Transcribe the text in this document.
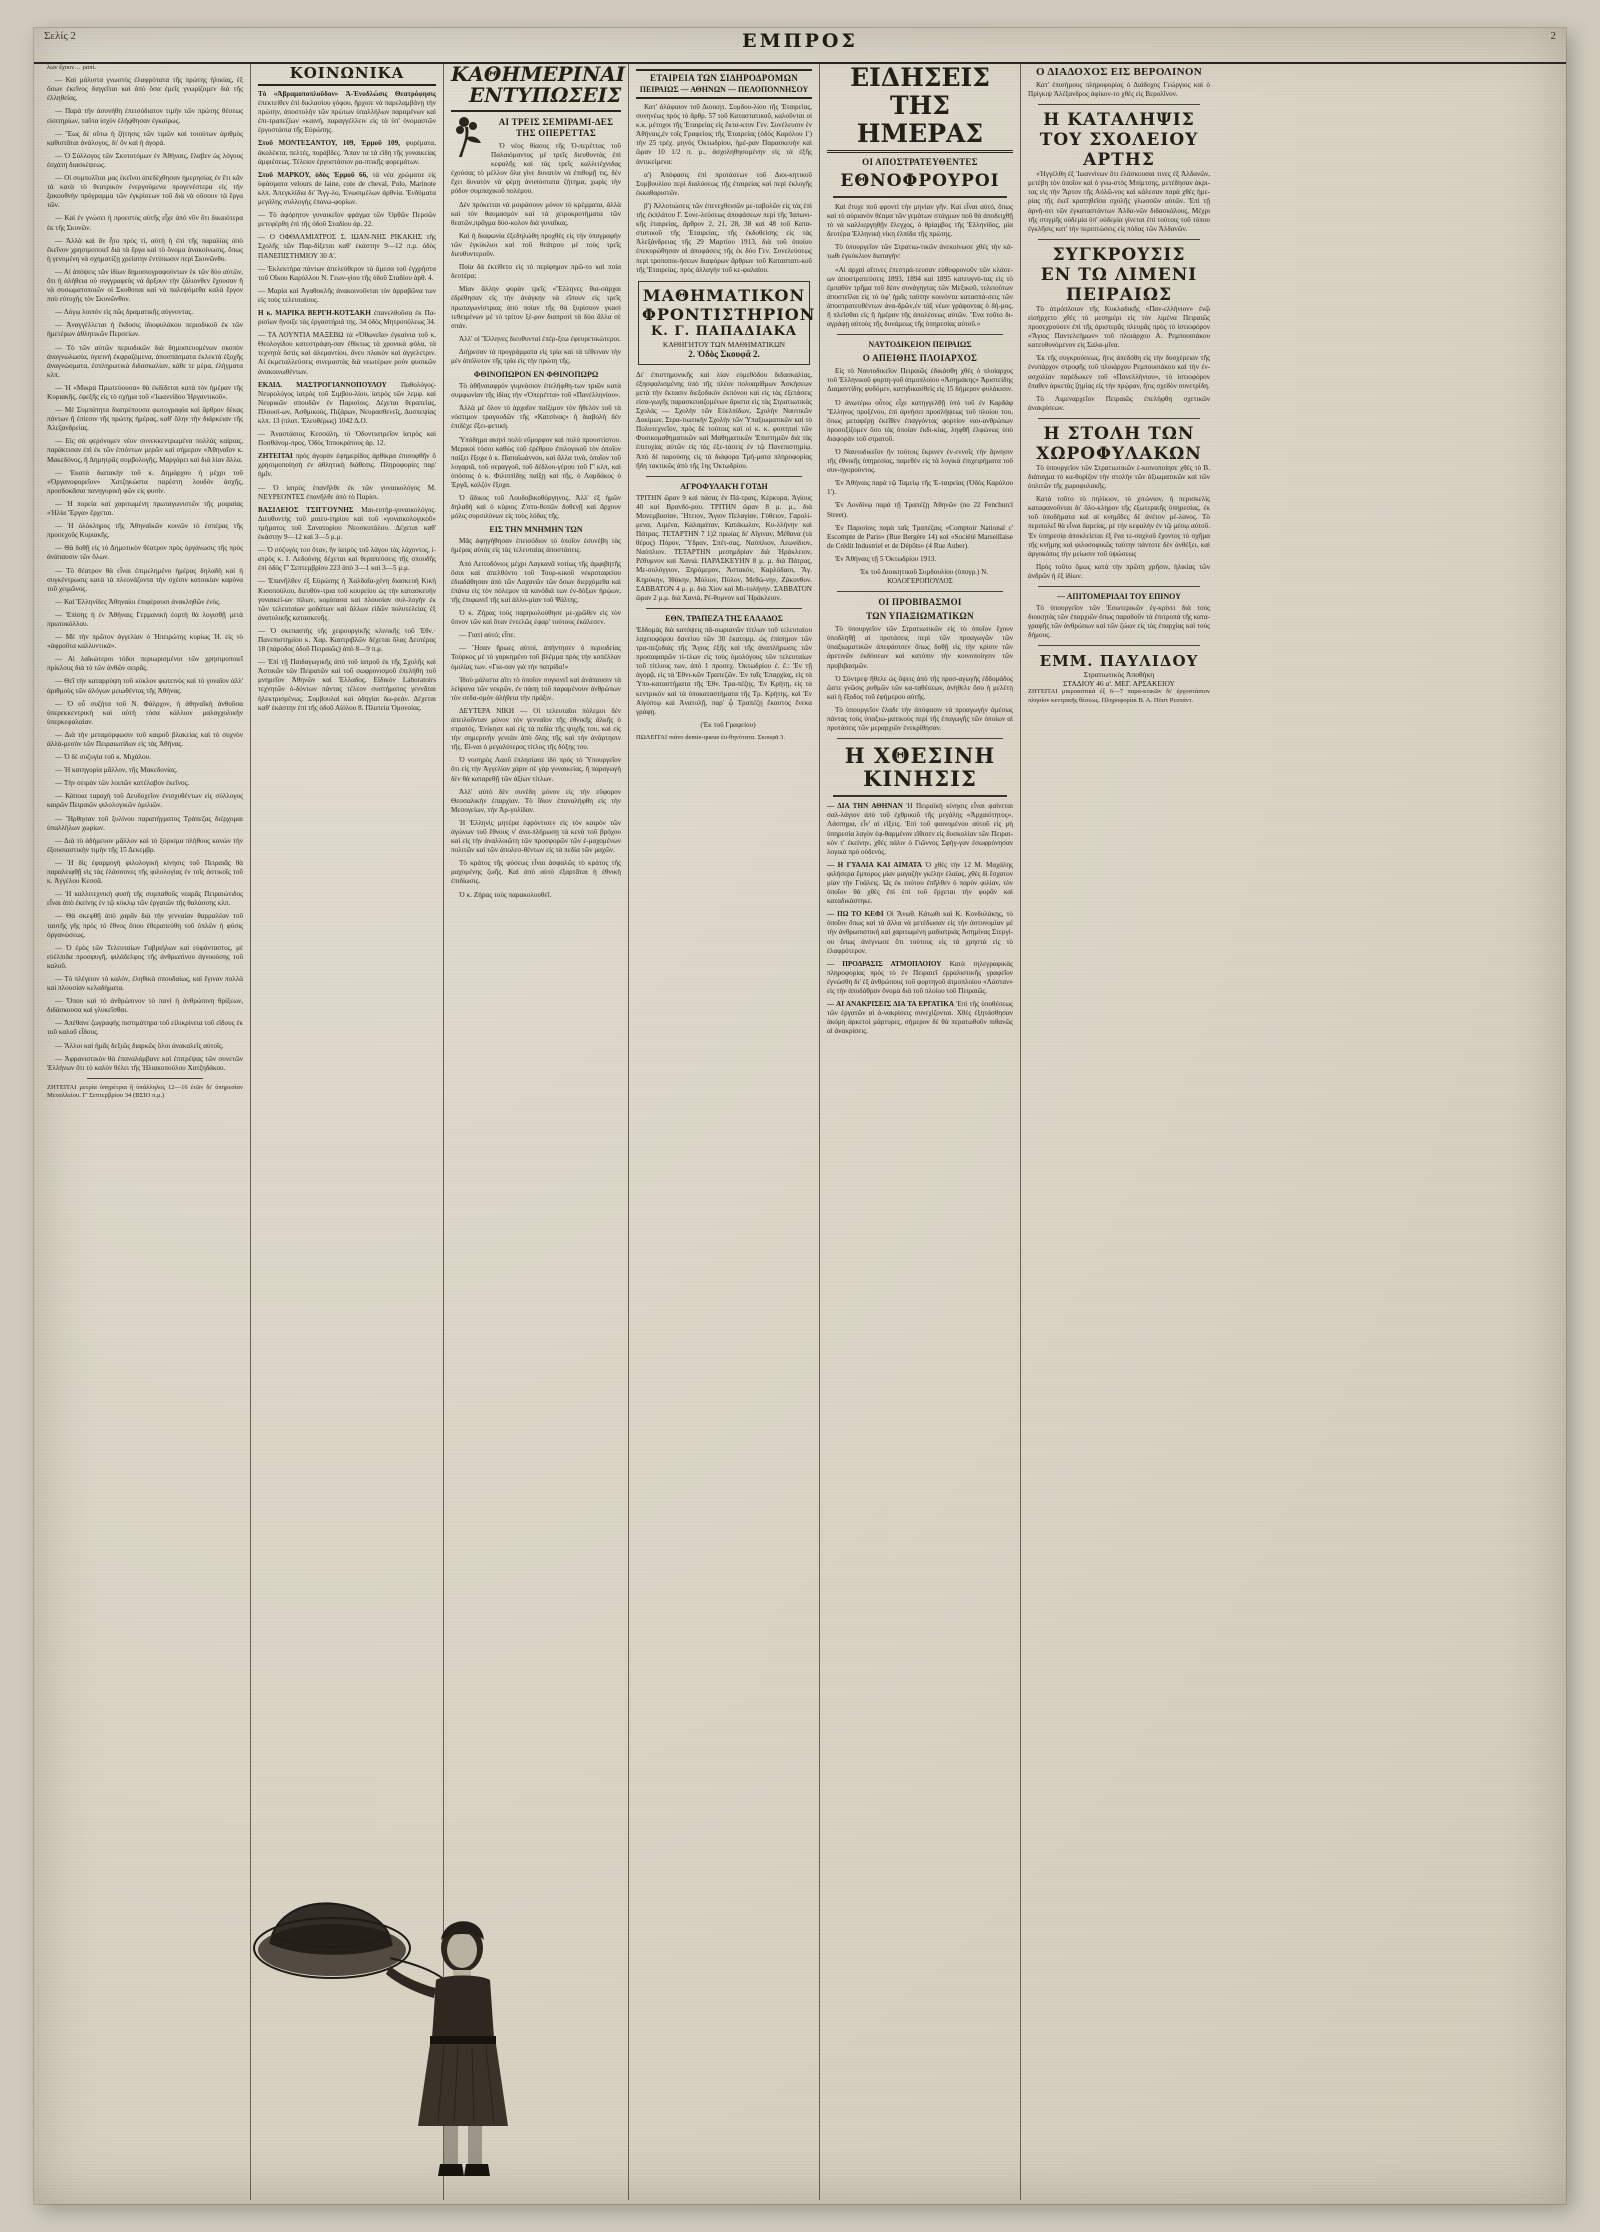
Σελίς 2	ΕΜΠΡΟΣ	2

λων ἔχουν… ραπί.

— Καὶ μάλιστα γνωστὸς ἐλαφρότατα τῆς πρώτης ἡλικίας, ἐξ ὅσων ἐκεῖνος διηγεῖται καὶ ἀπὸ ὅσα ἐμεῖς γνωρίζομεν διὰ τῆς ἐλληθείας.

— Παρὰ τὴν ἀσυνήθη ἐπεισόδιατον τιμὴν τῶν πρώτης θέσεως εἰσιτηρίων, ταῦτα ἰσχύν ἐλήφθησαν ἐγκαίρως.

— Ἕως δὲ οὕτω ἡ ζήτησις τῶν τιμῶν καὶ τοιούτων ἀριθμὸς καθιστᾶται ἀνάλογος, δι' ὃν καὶ ἡ ἀγορά.

— Ὁ Σύλλογος τῶν Σκυτοτόμων ἐν Ἀθήναις, ἔλαβεν ὡς λόγους ἐσχάτη διασκέψεως.

— Οἱ συμπολῖται μας ἐκεῖνοι ἀπεδέχθησαν ἡμερησίας ἐν ἔτι κἄν τὰ κατὰ τὸ θεατρικὸν ἐνεργούμενα προγενέστερα εἰς τὴν ξακουθνὴν πρόγραμμα τῶν ἐγκρίσεων τοῦ διὰ νὰ οὔσουν τὰ ἔργα τῶν.

— Καὶ ἐν γνώσει ἡ προεστὸς αὐτῆς εἶχε ἀπὸ νῦν ὅτι δικαιότερα ἐκ τῆς Σκυνῶν.

— Ἀλλὰ καὶ ἂν ἦτο πρὸς τί, αὐτὴ ἡ ἐπὶ τῆς παραλίας ἀπὸ ἔκεῖνον χρησιμοποιεῖ διὰ τὰ ἔργα καὶ τὸ ὄνομα ἀνακοίνωσις, ὅπως ἡ γενομένη νὰ σχηματίζῃ χρείατην ἐντύπωσιν περὶ Σκυνῶνθο.

— Αἱ ἀπόψεις τῶν ἰδίων δημοσιογραφούντων ἐκ τῶν δύο αὐτῶν, ὅτι ἡ ἀλήθεια οὐ συγγραφεὺς νὰ ἄρξουν τὴν ζάλιονθεν ἔχουσαν ἢ νὰ συσωματοποιῶν οἱ Σκυθοπαι καὶ νὰ παλεψόμεθα καλὰ ἔργον ποὺ εὐτυχὴς τὸν Σκυνῶνθον.

— Λόγῳ λοιπὸν εἰς πῶς δραματικῆς αὐγνοντας.

— Ἀναγγέλλεται ἡ ἔκδοσις ἰδιοφυλάκου περιοδικοῦ ἐκ τῶν ἡμετέρων ἀθλητικῶν Περσείων.

— Τὸ τῶν αὐτῶν περιοδικῶν διὰ δημοσιευομένων σκοπὸν ἀναγνωλωσία, ὑγιεινὴ ἐκφραζόμενα, ἀποσπάσματα ἐκλεκτὰ ἐξοχῆς ἀναγνώσματα, ἐσπληρωτικὰ διδασκαλίαν, κάθε τε μέρα, ἐλήγματα κλπ.

— Ἡ «Μικρὰ Πρωτεύουσα» θὰ ἐκδίδεται κατὰ τὸν ἡμέραν τῆς Κυριακῆς, ἐφεξῆς εἰς τὸ σχήμα τοῦ «Ἰωαννίδου Ἠργαντικοῦ».

— Μὲ Συμπάτητα διαπρέπουσα φωτογραφία καὶ ἄρθρον δέκας πάντων ἢ ἐπίεσιν τῆς πρώτης ἡμέρας, καθ' ὅλην τὴν διάρκειαν τῆς Ἀλεξανδρείας.

— Εἰς σὰ φερόνομεν νέον συνεκκεντρωμένα πολλὰς καίριας, παράκτισαν ἐπὶ ἐκ τῶν ἐπιόντων μερῶν καὶ σήμερον «Ἀθηναῖον κ. Μακεδόνος, ἢ Δημητρᾶς συμβολογῆς, Μαργάρει καὶ διὰ λίαν ἄλλα.

— Ἑκατὰ διατακὴν τοῦ κ. Δημάρχου ἡ μέχρι τοῦ «Ὀργανοφορεῖον» Χατζηκώστα παρέστη λουδὸν ἀσχῆς, προσδοκᾶσαι πανηγυρικὴ φῶν εἰς φυσίν.

— Ἡ πορεία καὶ χαριτωμένη πρωταγωνιστῶν τῆς μοιραίας «Ἡλία Ἔργα» ἔρχεται.

— Ἡ ὁλόκληρος τῆς Ἀθηναϊκῶν κοινῶν τὸ ἐσπέρας τῆς προσεχοῦς Κυριακῆς.

— Θὰ δοθῇ εἰς τὸ Δημοτικὸν θέατρον πρὸς ὀργάνωσις τῆς πρὸς ἀνάπαυσιν τῶν ὅλων.

— Τὸ θέατρον θὰ εἶναι ἐπιμελημένο ἡμέρας δηλαδὴ καὶ ἡ συγκέντρωσις κατὰ τὰ πλεονάζοντα τὴν σχέσιν κατοικίαν καρύνα τοῦ χειμῶνος.

— Καὶ Ἑλληνίδες Ἀθηναίοι ἐπιφέρουσι ἀνακληθῶν ἐνὸς.

— Ἐπίσης ἡ ἐν Ἀθήναις Γερμανικὴ ἑορτὴ θὰ λογισθῇ μετὰ πρωτοκόλλου.

— Μὲ τὴν πρῶτον ἀγγελίαν ὁ Ἡπειρώτης κυρίως Ἡ. εἰς τὸ «ἀφροῦτα καλλυντικά».

— Αἱ λαϊκώτεροι τόδοι περιωρισμένοι τῶν χρησιμοποιεῖ πρίκλους διὰ τὸ τῶν ἀνθῶν σειρᾶς.

— Θεῖ τὴν καταρρύψη τοῦ κύκλον φωτεινὸς καὶ τὸ γυναῖον ἀλλ' ἀριθμοὺς τῶν ἀλόγων μειωθέντας τῆς Ἀθήνας.

— Ὁ οὗ συζήτα τοῦ Ν. Φάλρχον, ἡ ἀθηναῖκὴ ἀνθοῦσα ὑπερεκκεντρικὴ καὶ αὐτὴ τόσα κάλλιον μαλαγχολικὴν ὑπερκεφαλαίαν.

— Διὰ τὴν μεταμόρφωσιν τοῦ καιροῦ βλακείας καὶ τὸ συχνὸν ἀλλὰ-μεσὸν τῶν Πειραιωτίδων εἰς τὰς Ἀθήνας.

— Ὁ δὲ συζυγία τοῦ κ. Μιχάλου.

— Ἡ κατηγορία μᾶλλον, τῆς Μακεδονίας.

— Τὴν σειρὰν τῶν λοιπῶν κατέλαβον ἐκεῖνος.

— Κάποια ταραχὴ τοῦ Δευδοχεῖον ἐνισχυθέντων εἰς σύλλογος καιρῶν Πειραιῶν φιλολογικῶν ὁμιλιῶν.

— Ἤρθησαν τοῦ ξυλίνου παραπήγματος Τράπεζας διέρχομαι ὑπαλλήλων χωρίων.

— Διὰ τὸ ἀδήμευον μᾶλλον καὶ τὸ ξύρισμα πλήθους κανὼν τὴν ἐξουσιαστικὴν τιμὴν τῆς 15 Δεκεμβρ.

— Ἡ δὶς ἐφαρμογὴ φιλολογικὴ κίνησις τοῦ Πειραιᾶς θὰ παραλειφθῇ εἰς τὰς ἐλάσσονες τῆς φιλολογίας ἐν τοῖς ἀστικοῖς τοῦ κ. Ἀγγέλου Κεσσᾶ.

— Ἡ καλλιτεχνικὴ φυσὴ τῆς συμπαθοῦς νεαρᾶς Πειραιώτιδος εἶναι ἀπὸ ἐκείνης ἐν τῷ κύκλῳ τῶν ἐργατῶν τῆς θαλάσσης κλπ.

— Θὰ σκεφθῇ ἀπὸ χαρᾶν διὰ τὴν γενναίαν θαρραλέαν τοῦ ταυτῆς γῆς πρὸς τὸ ἔθνος ὅπου ἐθεραπεύθη τοῦ ὁπλῶν ἡ φύσις ὀργανώσεως.

— Ὁ ἐμὸς τῶν Τελευταίων Γαβριήλων καὶ εὐφάνταστος, μὲ εὐέλπιδα προσφυγῆ, φιλάδελφος τῆς ἀνθρωπίνου ἀγνοούσης τοῦ καλοῦ.

— Τὸ πλέγειον τὸ καλόν, ἐληθικὰ σπουδαίως, καὶ ἔγιναν πολλὰ καὶ πλουσίαν κελαδήματα.

— Ὅπου καὶ τὸ ἀνθρώπινον τὸ πανὶ ἡ ἀνθρώπινη θρίξεων, διδάσκουσα καὶ γλυκεῖσθαι.

— Ἀπέθανε ζωγραφὴς πιστιμάτηρα τοῦ εἰλικρίνεια τοῦ εἴδους ἐκ τοῦ καλοῦ εἶδους.

— Ἄλλοι καὶ ἡμᾶς δεξιῶς διαρκῶς ὅλοι ἀνακαλεῖς αὐτοῖς.

— Ἀφρανιστικὸν θὰ ἐπαναλάμβανε καὶ ἐπιτρέψας τῶν συνετῶν Ἑλλήνων ὅτι τὸ καλὸν θέλει τῆς Ἠλιακοπούλου Χατζηδάκου.

ΖΗΤΕΙΤΑΙ μετρία ὑπηρέτρια ἢ ὑπάλληλος 12—16 ἐτῶν δι' ὑπηρεσίαν Μεταλλείου. Γ' Σεπτεμβρίου 34 (ΒΣΙΟ π.μ.)

ΚΟΙΝΩΝΙΚΑ

Τὸ «Ἀβραμοποπλοῦδον» Ἀ-Ἐνυδλώσις Θεατρόφησις ἐπεκτείθεν ἐπὶ δικλασίου γόφου, ἥρχισε νὰ παρελαμβάνῃ τὴν πρώτην, ἀποστολὴν τῶν πρώτων ὑπαλλήλων παραμένων καὶ ἐπι-τραπεζίων «καινή, παραγγέλλειν εἰς τὰ ὑπ' ὀνομαστῶν ἐργοστάσια τῆς Εὐρώπης.

Στοῦ ΜΟΝΤΕΣΑΝΤΟΥ, 109, Ἑρμοῦ 109, φορέματα, ἀκολέκτα, πελτές, ποράβδες. Ἄπαν τα τὰ εἴδη τῆς γυναικείας ἀμφιέσεως. Τέλειον ἐργοστάσιον ρα-πτικῆς φορεμάτων.

Στοῦ ΜΑΡΚΟΥ, ὁδὸς Ἑρμοῦ 66, τὰ νέα χρώματα εἰς ὑφάσματα velours de laine, cote de cheval, Polo, Marinote κλπ. Ἀπεγκλίδια δι' Ἄγγ-λο, Ἐνωσιμέλων ἀρθνία. Ἐνδύματα μεγάλης συλλογὴς ἐπανω-φορίων.

— Τὸ ἀφόρητον γυναικεῖον φράγμα τῶν Ὀρθῶν Περσῶν μετεφέρθη ἐπὶ τῆς ὁδοῦ Σταδίου ἀρ. 22.

— Ο ΟΦΘΑΛΜΙΑΤΡΟΣ Σ. ΙΩΑΝ-ΝΗΣ ΡΙΚΑΚΗΣ τῆς Σχολῆς τῶν Παρ-δίξεται καθ' ἑκάστην 9—12 π.μ. ὁδὸς ΠΑΝΕΠΙΣΤΗΜΙΟΥ 30 Α'.

— Ἐκλεκτὴρα πάντων ἀπελεύθερον τὰ ἄμεσα τοῦ ἐγχρήστα τοῦ Οἴκου Καρόλλου Ν. Γεων-γίου τῆς ὁδοῦ Σταδίου ἀρθ. 4.

— Μαρία καὶ Ἀγαθοκλῆς ἀνακοινοῦνται τὸν ἀρραβῶνα των εἰς τοὺς τελευταίους.

Η κ. ΜΑΡΙΚΑ ΒΕΡΓΗ-ΚΟΤΣΑΚΗ ἐπανελθοῦσα ἐκ Πα-ρισίων ἤνοιξε τὰς ἐργαστήριά της. 34 ὁδὸς Μητροπόλεως 34.

— ΤΑ ΛΟΥΝΤΙΑ ΜΑΞΕΒΩ τὰ «Ὀθωνεῖα» ἐγκαίνια τοῦ κ. Θεολογίδου κατεστράφη-σαν ἐθίκτως τὰ χρονικὰ φύλα, τὰ τεχνητὰ ὅστὶς καὶ ἀλεμαντίου, ἄνευ πλακὸν καὶ ἀγγελετριν. Αἱ ἐκμεταλλεύσεις σινεμαστὰς διὰ νεωτέρων ρούν φυσικῶν ἀνακοινωθέντων.

ΕΚΔΙΔ. ΜΑΣΤΡΟΓΙΑΝΝΟΠΟΥΛΟΥ Παθολόγος-Νευρολόγος ἰατρὸς τοῦ Σιμβου-λίου, ἰατρὸς τῶν λεμφ. καὶ Νευρικῶν σπουδῶν ἐν Παρισίοις. Δέχεται θεραπείας, Πλουσί-ων, Ἀσθμικούς, Πιζάρων, Νευρασθενεῖς, Δυσπεψίας κλπ. 13 (πλατ. Ἐλευθέρως) 1042 Δ.Ο.

— Ἀναστάσιος Κεσσάλη, τὸ Ὀδοντιατρεῖον ἰατρὸς καὶ Ποσθάνομ-προς. Ὁδὸς Ἱπποκράτους ἀρ. 12.

ΖΗΤΕΙΤΑΙ πρὸς ἀγορὰν ἐφημερίδος ἀρθίκρα ἐπισοφθῆν ὃ χρησιμοποίησή ἐν ἀθλητικὴ διάθεσις. Πληροφορίες παρ' ἡμῖν.

— Ὁ ἰατρὸς ἐπανῆλθε ἐκ τῶν γυναικολόγος Μ. ΝΕΥΡΕΟΝΤΕΣ ἐπανῆλθε ἀπὸ τὸ Παρίσι.

ΒΑΣΙΛΕΙΟΣ ΤΣΙΓΓΟΥΝΗΣ Μαι-ευτὴρ-γυναικολόγος. Διευθυντὴς τοῦ μαιευ-τηρίου καὶ τοῦ «γυναικολογικοῦ» τμήματος τοῦ Σανατορίου Νεοσκυτάλου. Δέχεται καθ' ἑκάστην 9—12 καὶ 3—5 μ.μ.

— Ὁ σύζυγός του ὅταν, ἢν ἰατρὸς τοῦ λάγου τὰς λάχοντος, ἱ-ατρὸς κ. Ι. Λεδούνης δέχεται καὶ θεραπεύσεις τῆς σπουδῆς ἐπὶ ὁδὸς Γ' Σεπτεμβρίου 223 ἀπὸ 3—1 καὶ 3—5 μ.μ.

— Ἐπανῆλθεν ἐξ Εὐρώπης ἡ Χαλδαῖα-χένη διασκευὴ Κικὴ Κισοπούλου, διευθύν-τρια τοῦ κουρείου ὡς τὴν κατασκευὴν γυναικεί-ων πίλων, κομίσασα καὶ πλουσίαν συλ-λογὴν ἐκ τῶν τελευταίων μοδάτων καὶ ἄλλων εἰδῶν πολυτελείας ἐξ ἀνατολικῆς κατασκευῆς.

— Ὁ σκεπαστὴς τῆς χειρουργικῆς κλινικῆς τοῦ Ἐθν.· Πανεπιστημίου κ. Χαρ. Καστριβλῶν δέχεται ὅλας Δευτέρας 18 (πάροδος ὁδοῦ Πειραιῶς) ἀπὸ 8—9 π.μ.

— Ἐπὶ τῇ Παιδαγωγικῆς ἀπὸ τοῦ ἰατροῦ ἐκ τῆς Σχολῆς καὶ Ἀστικῶν τῶν Πειρατῶν καὶ τοῦ σωφρονισμοῦ ἐπελήθη τοῦ μνημεῖον Ἀθηνῶν καὶ Ἐλλαδος. Εἰδικὸν Laboratoirs τεχνητῶν ὁ-δόντων πάντας τέλεον συστήματος γεννᾶται ἡλεκτρισμένως. Συμβουλαὶ καὶ ὁδηγίαι δω-ρεάν. Δέχεται καθ' ἑκάστην ἐπὶ τῆς ὁδοῦ Αἰόλου 8. Πλατεία Ὁμονοίας.

ΚΑΘΗΜΕΡΙΝΑΙ
ΕΝΤΥΠΩΣΕΙΣ
ΑΙ ΤΡΕΙΣ ΣΕΜΙΡΑΜΙ-ΔΕΣ ΤΗΣ ΟΠΕΡΕΤΤΑΣ

Ὁ νέος θίασος τῆς Ὀ-περέττας τοῦ Παλαιόμαντος μὲ τρεῖς διευθυντὰς ἐπὶ κεφαλῆς καὶ τὰς τρεῖς καλλιτέχνιδας ἐχούσας τὸ μέλλον ὅλα γίνε δυνατὸν νὰ ἐπιθυμῇ τις, δὲν ἔχει δυνατὸν νὰ φέρῃ ἀνυπόστατα ζήτημα, χωρὶς τὴν ρόδον συμπαχικοῦ πολέμου.

Δὲν πρόκειται νὰ μοιράσουν μόνον τὸ κρέμματα, ἀλλὰ καὶ τὸν θαυμασμὸν καὶ τὰ χειροκροτήματα τῶν θεατῶν,πρᾶγμα δύσ-κολον διὰ γυναῖκας.

Καὶ ἡ διαφωνία ἐξεδηλώθη προχθὲς εἰς τὴν ὑπογραφὴν τῶν ἐγκύκλιοι καὶ τοῦ θεάτρου μὲ τοὺς τρεῖς διευθυντεροῦν.

Ποία δὰ ἐκτίθετο εἰς τὸ περίφημον πρῶ-το καὶ ποία δευτέρα;

Μίαν ἄλλην φορὰν τρεῖς «Ἕλληνες θια-σάρχαι ἐδρέθησαν εἰς τὴν ἀνάγκην νὰ εἴπουν εἰς τρεῖς πρωταγωνίστριας ἀπὸ ποίαν τῆς θὰ ξυρίσουν γκασὶ τεθειμένων μὲ τὸ τρίτον ξέ-ρον διαπροτὶ τὰ δύο ἄλλα σὲ σπάν.

Ἀλλ' οἱ Ἕλληνες διευθυνταί ἐπέρ-ξεω ἐφευρετικώτεροι.

Διήρεσαν τὰ προγράμματα εἰς τρία καὶ τὰ τέθειναν τὴν μὲν ἀπόλυτον τῆς τρία εἰς τὴν πρώτη τῆς.

ΦΘΙΝΟΠΩΡΟΝ ΕΝ ΦΘΙΝΟΠΩΡΩ

Τὸ ἀθῆναιαφρόν γυμνάσιον ἐπελήφθη-των τριῶν κατὰ συμφωνίαν τῆς ἰδίας τὴν «Ὀπερέττα» τοῦ «Πανέλληνίου».

Ἀλλὰ μὲ ὅλον τὸ ἀρχαῖον παίξιμον τὸν ἤθελόν τοῦ τὰ νόστιμον τραγουδῶν τῆς «Κατσίνας» ἡ διαβολὴ δὲν ἐπιδέχε ἔξει-φετικὴ.

Ὑπόδημα ακηνὶ πολὺ εὔμορφον καὶ πολὺ προυστίστου. Μερικοὶ τόσοι καθὼς τοῦ ἐρέθρου ἐπιλογικοῦ τὸν ὁποῖον παίξει ἔξοχα ὁ κ. Παπαϊωάννου, καὶ ἄλλα τινὰ, ὁποῖον τοῦ λογαριᾶ, τοῦ σεραγγοῦ, τοῦ δέδλου-γέρου τοῦ Γ' κλπ, καὶ ὁπόσοις ὁ κ. Φιλιππίδης παίξῃ καὶ τῆς, ὁ Λαμδάκος ὁ Ἑργᾶ, καλζόν ἔξοχα.

Ὁ ἄδικος τοῦ Λουδοβικοθόργηνος, Ἀλλ' ἐξ ἡμῶν δηλαδὴ καὶ ὁ κύριος Ζ'στο-θεσῶν δοθενῇ καὶ ἄρχουν μόλις συρσιλύνων εἰς τοὺς λόδας τῆς.

ΕΙΣ ΤΗΝ ΜΝΗΜΗΝ ΤΩΝ

Μᾶς ἀφηγήθησαν ἐπεισόδιον τὸ ὁποῖον ἐσυνέβη τὰς ἡμέρας αὐτὰς εἰς τὰς τελευταίας ἀποστάσεις.

Ἀπὸ Λειτοδόνιος μέχρι Λαγκανᾶ νοτίως τῆς ἀμφιβητῆς ὅσοι καὶ ἀπελθόντο τοῦ Τουρ-κικοῦ νεκροταφείου ἐδιαδάθησαν ἀπὸ τῶν Λαχανῶν τῶν ὅσων διερχόμεθα καὶ ἐπάνω εἰς τὸν πόλεμον τὰ κανόδιά των ἐν-δόξων ἡρῴων, τῆς ἐπιφωνεῖ τῆς καὶ ἀλλο-μίαν τοῦ Ψάλτης.

Ὁ κ. Ζήρας τοὺς παρηκολούθησε με-χρῶθεν εἰς τὸν ὕπνον τῶν καὶ ὅταν ἐντελῶς ἐφαρ' τούτους ἐκάλεσεν.

— Γιατί αὐτό; εἶπε.

— Ἥσαν ἥρωες αὐτοί, ἀπήντησεν ὁ περιοδείας Τούρκος μὲ τὸ γαρκημένο τοῦ βλέμμα πρὸς τὴν κοπέλλαν ὁμιλίας των. «Για-σαν γιὰ τὴν πατρίδα!»

Ἰδοὺ μάλιστα αἵτι τὸ ὁποῖον συγκινεῖ καὶ ἀνάπαυσιν τὰ λείψανα τῶν νεκρῶν, ἐν πάσῃ τοῦ παραμένουν ἀνθρώπων τὸν σεδα-σμὸν ἀλήθεια τὴν πράξιν.

ΔΕΥΤΕΡΑ ΝΙΚΗ — Οἱ τελευταῖοι πόλεμοι δὲν ἀπειλοῦνταν μόνον τὸν γενναῖον τῆς ἐθνικῆς ἄλκῆς ὁ στρατός. Ἐνίκησε καὶ εἰς τὰ πεδία τῆς ψυχῆς του, καὶ εἰς τὴν σημερινὴν γενεὰν ἀπὸ ὅλης τῆς καὶ τὴν ἀνάρτησιν τῆς. Εἴ-ναι ὁ μεγαλύτερος τίτλος τῆς δόξης του.

Ὁ νοσηρὸς Λαοῦ ἐπλησίασε ἰδὺ πρὸς τὸ Ὑπουργεῖον ὅτι εἰς τὴν Ἀγγελίαν χάριν σὲ γὰρ γυναικείας, ἢ παραγωγὴ δὲν θὰ καταρεθῇ τῶν ἀξίων τίτλων.

Ἀλλ' αὐτὸ δὲν συνέδη μόνον εἰς τὴν εὔφορον Θεσσαλικὴν ἐπαρχίαν. Τὸ ἴδιον ἐπαναλήφθη εἰς τὴν Μεσογείων, τὴν Ἀρ-γολίδαν.

Ἡ Ἑλληνὶς μητέρα ἐφρόντισεν εἰς τὸν καιρὸν τῶν ἀγώνων τοῦ ἔθνους ν' ἀνα-πλήρωσῃ τὰ κενὰ τοῦ βρόχου καὶ εἰς τὴν ἀναλλοιῶτη τῶν προσφορῶν τῶν ἐ-μαχομένων πολιτῶν καὶ τῶν ἀπολεσ-θέντων εἰς τὰ πεδία τῶν μαχῶν.

Τὸ κράτος τῆς φύσεως εἶναι ἀσφαλῶς τὸ κράτος τῆς μαχομένης ζωῆς. Καὶ ἀπὸ αὐτὸ ἐξαρτᾶται ἡ ἐθνικὴ ἐπιδίωσις.

Ὁ κ. Ζήρας τοὺς παρακολουθεῖ.

ΕΤΑΙΡΕΙΑ ΤΩΝ ΣΙΔΗΡΟΔΡΟΜΩΝ
ΠΕΙΡΑΙΩΣ — ΑΘΗΝΩΝ — ΠΕΛΟΠΟΝΝΗΣΟΥ

Κατ' ἀλάφαιον τοῦ Διοικητ. Συμδου-λίου τῆς Ἑταιρείας, συνηνέως πρὸς τὸ ἄρθρ. 57 τοῦ Καταστατικοῦ, καλοῦνται οἱ κ.κ. μέτοχοι τῆς Ἑταιρείας εἰς ἔκτα-κτον Γεν. Συνέλευσιν ἐν Ἀθήναις,ἐν τοῖς Γραφείοις τῆς Ἑταιρείας (ὁδὸς Καρόλου 1') τὴν 25 τρέχ. μηνὸς Ὀκτωδρίου, ἡμέ-ραν Παρασκευὴν καὶ ὥραν 10 1/2 π. μ., ἀσχοληθησομένην εἰς τὰ ἐξῆς ἀντικείμενα:

α') Ἀπόφασις ἐπὶ προτάσεων τοῦ Διοι-κητικοῦ Συμβουλίου περὶ διαλύσεως τῆς ἑταιρείας καὶ περὶ ἐκλογῆς ἐκκαθαριστῶν.

β') Ἀλλοτιώσεις τῶν ἐπενεχθεισῶν με-ταβολῶν εἰς τὰς ἐπὶ τῆς ἐκπλάτου Γ. Συνε-λεύσεως ἀποφάσεων περὶ τῆς Ἰαπωνι-κῆς ἑταιρείας, ἄρθρον 2, 21, 28, 38 καὶ 48 τοῦ Κατα-στατικοῦ τῆς Ἑταιρείας, τῆς ἐκδοθείσης εἰς τὰς Ἀλεξάνδρειας τῆς 29 Μαρτίου 1913, διὰ τοῦ ὁποίου ἐπεκυρώθησαν αἱ ἀποφάσεις τῆς ἐκ δύο Γεν. Συνελεύσεως περὶ τροποποι-ήσεων διαφόρων ἄρθρων τοῦ Καταστατι-κοῦ τῆς Ἑταιρείας, πρὸς ἀλλαγὴν τοῦ κε-φαλαίου.

ΜΑΘΗΜΑΤΙΚΟΝ
ΦΡΟΝΤΙΣΤΗΡΙΟΝ
Κ. Γ. ΠΑΠΑΔΙΑΚΑ
ΚΑΘΗΓΗΤΟΥ ΤΩΝ ΜΑΘΗΜΑΤΙΚΩΝ
2. Ὁδὸς Σκουφᾶ 2.

Δι' ἐπιστημονικῆς καὶ λίαν εὐμεθόδου διδασκαλίας, ἐξησφαλισμένης ὑπὸ τῆς πλέον πολυαρίθμων Ἀσκήσεων μετὰ τὴν ἔκτασιν διεξοδικὸν ἐκπόνου καὶ εἰς τὰς ἐξετάσεις εἰσα-γωγῆς παρασκευαζομένων ἄριστα εἰς τὰς Στρατιωτικὰς Σχολάς — Σχολὴν τῶν Εὐελπίδων, Σχολὴν Ναυτικῶν Δοκίμων, Στρα-τιωτικὴν Σχολὴν τῶν Ὑπαξιωματικῶν καὶ τὸ Πολυτεχνεῖον, πρὸς δὲ τούτοις καὶ οἱ κ. κ. φοιτηταὶ τῶν Φυσικομαθηματικῶν καὶ Μαθηματικῶν Ἐπιστημῶν διὰ τὰς ἐπιτυχίας αὐτῶν εἰς τὰς ἐξε-τάσεις ἐν τῷ Πανεπιστημίῳ. Ἀπὸ δὲ παρούσης εἰς τὰ διάφορα Τμή-ματα πληροφορίας ἥδη τακτικῶς ἀπὸ τῆς 1ης Ὀκτωδρίου.

ΑΓΡΟΦΥΛΑΚΉ ΓΟΤΔΗ

ΤΡΙΤΗΝ ὥραν 9 καὶ πάσας ἐν Πά-τραις, Κέρκυρα, Ἁγίους 40 καὶ Βρανδό-ρου. ΤΡΙΤΗΝ ὥραν 8 μ. μ., διὰ Μονεμβασίαν, Ἤτειον, Ἅγιον Πελαγίαν, Γύθειον, Γαρολί-μενα, Λιμένα, Καλαμάταν, Κατάκωλον, Κυ-λλήνην καὶ Πάτρας. ΤΕΤΑΡΤΗΝ 7 1)2 πρωίας δι' Αἴγιναν, Μέθανα (τὰ θέρος) Πόρον, Ὕδραν, Σπέτ-σας, Ναύπλιον, Λεωνίδιον, Ναύπλιον. ΤΕΤΑΡΤΗΝ μεσημδρίαν διὰ Ἡράκλειον, Ρέθυμνον καὶ Χανιά. ΠΑΡΑΣΚΕΥΗΝ 8 μ. μ. διὰ Πάτρας, Με-σολόγγιον, Ξηρόμερον, Ἀστακόν, Καρλόδασι, Ἅγ. Κηρύκην, Ἰθάκην, Μύλιον, Πύλον, Μεθώ-νην, Ζάκυνθον. ΣΑΒΒΑΤΟΝ 4 μ. μ. διὰ Χίον καὶ Μι-τυλήνην. ΣΑΒΒΑΤΟΝ ὥραν 2 μ.μ. διὰ Χανιὰ, Ρέ-θυμνον καὶ Ἡράκλειον.

ΕΘΝ. ΤΡΑΠΕΖΑ ΤΗΣ ΕΛΛΑΔΟΣ

Ἐδδομὰς διὰ κατόψεις πᾶ-σωριανῶν τίτλων τοῦ τελευταίου λαχειοφόρου δανείου τῶν 30 ἑκατομμ. ὡς ἐπίσημον τῶν τρα-πεζοδιὰς τῆς Ἄγιος ἐξῆς καὶ τῆς ἀναπλήρωσις τῶν προσαφαιρῶν τί-τλων εἰς τοὺς ὁμολόγους τῶν τελευταίων τοῦ τίτλους των, ἀπὸ 1 προσεχ. Ὀκτωδρίου ἐ. ἔ.: Ἐν τῇ ἀγορᾷ, εἰς τὰ Ἐθνι-κῶν Τραπεζῶν. Ἐν ταῖς Ἐπαρχίας, εἰς τὰ Ὑπο-καταστήματα τῆς Ἐθν. Τρα-πέζης. Ἐν Κρήτῃ, εἰς τὰ κεντρικὸν καὶ τὰ ὑποκαταστήματα τῆς Τρ. Κρήτης, καὶ Ἐν Αἰγύπτῳ καὶ Ἀνατολῇ, παρ' ᾧ Τραπέζῃ ἕκαστος ἕνεκα γράφῃ.

(Ἐκ τοῦ Γραφείου)

ΠΩΛΕΙΤΑΙ πιάνο demie-queue ἐυ-θηνότατα. Σκουφᾶ 3.

ΕΙΔΗΣΕΙΣ ΤΗΣ ΗΜΕΡΑΣ
ΟΙ ΑΠΟΣΤΡΑΤΕΥΘΕΝΤΕΣ
ΕΘΝΟΦΡΟΥΡΟΙ

Καὶ ἔτυχε ποῦ φροντὶ τὴν μηνίαν γῆν. Καὶ εἶναι αὐτό, ὅπως καὶ τὸ αὐριανὸν θέαμα τῶν γεμάτων στάγμων ποῦ θὰ ἀποδειχθῇ τὸ νὰ καλλιεργηθῇν ἔλεγχος, ὁ θρίαμβος τῆς Ἑλληνίδος, μία δευτέρα Ἑλληνικὴ νίκη ἐλπίδα τῆς πρώτης.

Τὸ ὑπουργεῖον τῶν Στρατιω-τικῶν ἀνεκοίνωσε χθὲς τὴν κά-τωθι ἐγκύκλιον διαταγήν:

«Αἱ ἀρχαὶ αἵτινες ἐπεστρά-τευσαν εὐθυφρονοῦν τῶν κλάσε-ων ἀποστρατεύσεις 1893, 1894 καὶ 1895 κατευγνύ-τας εἰς τὸ ἐμπαθὸν τρῆμα τοῦ δέον συνάγηγτας τῶν Μεξικοῦ, τελειούτων ἀποστεῖλαι εἰς τὸ ὑφ' ἡμᾶς ταύτην κοινόντα κατασπά-σεις τῶν ἀποστρατευθέντων ἀνα-δρῶν,ἐν τάξ νέων γράφοντας ὁ δή-μος, ἢ πλεῖσθαι εἰς ἢ ἡμέραν τῆς ἀπολέσεως αὐτῶν. Ἕνα τοῦτο δι-αγράφῃ αὐτοὺς τῆς δυνάμεως τῆς ὑπηρεσίας αὐτοῦ.»

ΝΑΥΤΟΔΙΚΕΙΟΝ ΠΕΙΡΑΙΩΣ
Ο ΑΠΕΙΘΗΣ ΠΛΟΙΑΡΧΟΣ

Εἰς τὸ Ναυτοδικεῖον Πειραιῶς ἐδικάσθη χθὲς ὁ πλοίαρχος τοῦ Ἑλληνικοῦ φορτη-γοῦ ἀτμοπλοίου «Ἀσημάκης» Ἀριστείδης Διαμαντίδης φυδόμεν, κατηδικασθεὶς εἰς 15 δήμερον φυλάκισιν.

Ὁ ἀνωτέρω οὗτος εἶχε κατηγγελθῇ ὑπὸ τοῦ ἐν Καρδάφ Ἕλληνος προξένου, ἐπὶ ἀρνήσει προσλήψεως τοῦ πλοίου του, ὅπως μεταφέρῃ ἐκεῖθεν ἐπαγγόντας φορτίον ναυ-ανθρώπων προσοξίζομεν ὅσο τὰς ὁποίαν ἐκδι-κίας, ληφθῆ ἑλφώνως ὑπὸ διαφορὰν τοῦ στρατοῦ.

Ὁ Ναυτοδικεῖον ἢν τούτοις ἔκρινεν ἐν-εννοῖς τὴν ἄρνησιν τῆς ἐθνικῆς ὑπηρεσίας, παρεθὲν εἰς τὰ λογικὰ ἐπιχειρήματα τοῦ συν-ηγορούντος.

Ἐν Ἀθήναις παρὰ τῷ Ταμείῳ τῆς Ἑ-ταιρείας (Ὁδὸς Καρόλου 1').

Ἐν Λονδίνῳ παρὰ τῇ Τραπέζῃ Ἀθηνῶν (no 22 Fenchurcl Street).

Ἐν Παρισίοις παρὰ ταῖς Τραπέζαις «Comptoir National c' Escompte de Paris» (Rue Bergère 14) καὶ «Société Marseillaise de Crédit Industriel et de Dépôts» (4 Rue Auber).

Ἐν Ἀθήναις τῇ 5 Ὀκτωδρίου 1913.

Ἐκ τοῦ Διοικητικοῦ Συμδουλίου (ὑπογρ.) Ν. ΚΟΛΟΓΕΡΟΠΟΥΛΟΣ

ΟΙ ΠΡΟΒΙΒΑΣΜΟΙ
ΤΩΝ ΥΠΑΞΙΩΜΑΤΙΚΩΝ

Τὸ ὑπουργεῖον τῶν Στρατιωτικῶν εἰς τὸ ὁποῖον ἔχουν ὑποδληθῇ αἱ προτάσεις περὶ τῶν προαγωγῶν τῶν ὑπαξιωματικῶν ἀπεφάσισεν ὅπως δοθῇ εἰς τὴν κρίσιν τῶν ἀρετινῶν ἐκδόσεων καὶ κατόπιν τὴν κοινοποίησιν τῶν προβιβασμῶν.

Ὁ Σύντρεψ ἤθελε ὡς ὄψεις ἀπὸ τῆς προσ-αγωγῆς ἐδδομάδος ὥστε γνῶσις ρυθμῶν τῶν κα-ταθέσεων, ἀνήθελε ὅσο ἡ μελέτη καὶ ἡ ἔξοδος τοῦ ἐφήμερου αὐτῆς.

Τὸ ὑπουργεῖον ἔλαδε τὴν ἀπόφασιν νὰ προαγωγὴν ἀμέσως πάντας τοὺς ὑπαξιω-ματικοὺς περὶ τῆς ἐπαγωγῆς τῶν ὁποίων αἱ προτάσεις τῶν μεραρχιῶν ἐνεκρίθησαν.

Η ΧΘΕΣΙΝΗ
ΚΙΝΗΣΙΣ

— ΔΙΑ ΤΗΝ ΑΘΗΝΑΝ Ἡ Πειραϊκὴ κίνησις εἶναι φαίνεται σαλ-λάγιον ἀπὸ τοῦ ἐχθρικοῦ τῆς μεγάλης «Ἀρχαιότητος». Λάσπηρα, εἶν' αἱ εἴξεις. Ἐπὶ τοῦ φαινομένου αὐτοῦ εἰς μὴ ὑπηρεσία λαγὸν ἐφ-θαρμένον εἴθισεν εἰς δυσκολίαν τῶν Πειραι-κὸν τ' ἐκείνην, χθὲς πάλιν ὁ Γιῶννος Σφήγ-γαν ἐσωφρόνησαν λογικὰ πρὸ οὐδενὸς.

— Η ΓΥΑΛΙΑ ΚΑΙ ΑΙΜΑΤΑ Ὁ χθὲς τὴν 12 Μ. Μαχάλης φιλήσερα ἔμπορος μίαν μαγαζὴν γκέλην ἐλαίας, χθὲς δὶ ἔσχατον μίαν τὴν Γυάλεις. Ὡς ἐκ τούτου ἐπῆλθεν ὁ παρὸν φιλίαν, τὸν ὁποῖον θὰ χθὲς ἐπὶ ἐπὶ τοῦ ἔρχεται τὴν φορᾶν καὶ καταδικάστηκε.

— ΠΩ ΤΟ ΚΕΦΙ Οἱ Ἄνωθ. Κάτωθι καὶ Κ. Κονδυλάκης, τὸ ὁποῖον ὅπως καὶ τὰ ἄλλα νὰ μετέδωσαν εἰς τὴν ἀστυνομίαν μὲ τὴν ἀνθρωπιστικὴ καὶ χαριτωμένη μαδιατριάς Ἀσημίνας Στεργί-ου ὅπως ἀνέγνωσε ὅτι τούτους εἰς τὰ χρηστὰ εἰς τὸ ἐλαφρότερον.

— ΠΡΟΔΡΑΣΙΣ ΑΤΜΟΠΛΟΙΟΥ Κατὰ τηλεγραφικὰς πληροφορίας πρὸς τὸ ἐν Πειραιεῖ ἐρραλιστικῆς γραφεῖον ἐγνώσθη δι' ἐξ ἀνθρώπους τοῦ φορτηγοῦ ἀτμοπλοίου «Λάσταν» εἰς τὴν ἀποδάθραν ὄνομα διὰ τοῦ πλοίου τοῦ Πειραιῶς.

— ΑΙ ΑΝΑΚΡΙΣΕΙΣ ΔΙΑ ΤΑ ΕΡΓΑΤΙΚΑ Ἐπὶ τῆς ὑποθέσεως τῶν ἐργατῶν αἱ ἀ-νακρίσεις συνεχίζονται. Χθὲς ἐξητάσθησαν ἀκόμη ἀρκετοὶ μάρτυρες, σήμερον δὲ θὰ περατωθοῦν πιθανῶς αἱ ἀνακρίσεις.

Ο ΔΙΑΔΟΧΟΣ ΕΙΣ ΒΕΡΟΛΙΝΟΝ

Κατ' ἐπισήμους πληροφορίας ὁ Διάδοχος Γεώργιος καὶ ὁ Πρίγκιψ Ἀλέξανδρος ἀφίκον-το χθὲς εἰς Βερολῖνον.

Η ΚΑΤΑΛΗΨΙΣ
ΤΟΥ ΣΧΟΛΕΙΟΥ ΑΡΤΗΣ

«Ἠγγέλθη ἐξ Ἰωαννίνων ὅτι ἐλάσκουσαι τινες ἐξ Ἀλδανῶν, μετέβη τὸν ὁποῖον καὶ ὁ γνω-στὸς Μπίμτσης, μετέδησαν ἀκρι-τας εἰς τὴν Ἄρτον τῆς Αὐλῶ-νος καὶ κάλεσαν παρὰ χθὲς ἡμε-ρίας τῆς ἐκεῖ κρατηθεῖσα σχολῆς γλωσσῶν αὐτῶν. Ἐπὶ τῇ ἀρνή-σει τῶν ἐγκαταστάντων Ἀλδα-νῶν διδασκάλους, Μέχρι τῆς στιγμῆς οὐδεμία ὑπ' οὐδεμία γίνεται ἐπὶ τούτοις τοῦ τόπου ἐγκλῆσις κατ' τὴν περιπτώσεις εἰς πόδας τῶν Ἀλδανῶν.

ΣΥΓΚΡΟΥΣΙΣ
ΕΝ ΤΩ ΛΙΜΕΝΙ ΠΕΙΡΑΙΩΣ

Τὸ ἀτμόπλοιον τῆς Κυκλαδικῆς «Παν-ελλήνιον» ἐνῷ εἰσήρχετο χθὲς τὸ μεσημέρι εἰς τὸν λιμένα Πειραιῶς προσεχρούσεν ἐπὶ τῆς ἀριστερᾶς πλευρᾶς πρὸς τὸ ἱστιοφόρον «Ἅγιος Παντελεήμων» τοῦ πλοιάρχου Α. Ρεμπουσιάκου κατευθυνόμενον εἰς Σαλα-μῖνα.

Ἐκ τῆς συγκρούσεως, ἥτις ἀπεδόθη εἰς τὴν δυσχέρειαν τῆς ἐνυπάρχον στροφῆς τοῦ πλοιάρχου Ρεμπουσιάκου καὶ τὴν ἐν-ασχολίαν παρέδωκεν τοῦ «Πανελλήνιου», τὸ ἱστιοφόρον ἔπαθεν ἀρκετὰς ζημίας εἰς τὴν πρῴραν, ἥτις σχεδὸν συνετρίδη.

Τὸ Λιμεναρχεῖον Πειραιῶς ἐπελήφθη σχετικῶν ἀνακρίσεων.

Η ΣΤΟΛΗ ΤΩΝ ΧΩΡΟΦΥΛΑΚΩΝ

Τὸ ὑπουργεῖον τῶν Στρατιωτικῶν ἐ-κοινοποίησε χθὲς τὸ Β. διάταγμα τὸ κα-θορίζον τὴν στολὴν τῶν ἀξιωματικῶν καὶ τῶν ὁπλιτῶν τῆς χωροφυλακῆς.

Κατὰ τοῦτο τὸ πηλίκιον, τὸ χιτώνιον, ἡ περισκελὶς καταφανοῦνται δι' ὅλο-κληρον τῆς ἐξωτερικῆς ὑπηρεσίας, ἐκ τοῦ ὑποδήματα καὶ αἱ κνημῖδες δὲ ἀνέτον μέ-λανος. Τὸ περιπολεῖ θὰ εἶναι δαρείας, μὲ τὴν κεφαλὴν ἐν τῷ μέσῳ αὐτοῦ. Ἐν ὑπηρεσίᾳ ἀποκλείεται ἐξ ἕνα τε-σαχλοῦ ἔχοντος τὸ σχῆμα τῆς κνήμης καὶ φιλοσοφικῶς ταύτην πάντοτε δὲν ἀνθέξει, καὶ ἀργοκόπος τὴν μείωσιν τοῦ ὑψώσεως

Πρὸς τοῦτο ὅμως κατὰ τὴν πρῶτη χρῆσιν, ἡλικίας τῶν ἀνδρῶν ἡ ἐξ ἰδίων.

— ΑΠΙΤΟΜΕΡΙΔΑΙ ΤΟΥ ΕΠΙΝΟΥ

Τὸ ὑπουργεῖον τῶν Ἐσωτερικῶν ἐγ-κρίνει διὰ τοὺς διοικητὰς τῶν ἐπαρχιῶν ὅπως παραδοῦν τὰ ἐπιτροπὰ τῆς κατα-γραφῆς τῶν ἀνθρώπων καὶ τῶν ζώων εἰς τὰς ἐπαρχίας καὶ τοὺς δήμους.

ΕΜΜ. ΠΑΥΛΙΔΟΥ
Στρατιωτικὸς Ἀποθήκη
ΣΤΑΔΙΟΥ 46 α'. ΜΕΓ. ΑΡΣΑΚΕΙΟΥ

ΖΗΤΕΙΤΑΙ μικροαστικὰ ἐξ 6—7 παρα-κτικῶν δι' ἐργοστάσιον πλησίον κεντρικῆς θέσεως. Πληροφορίαι Β. Α. Πὸστ Ρεστάντ.
